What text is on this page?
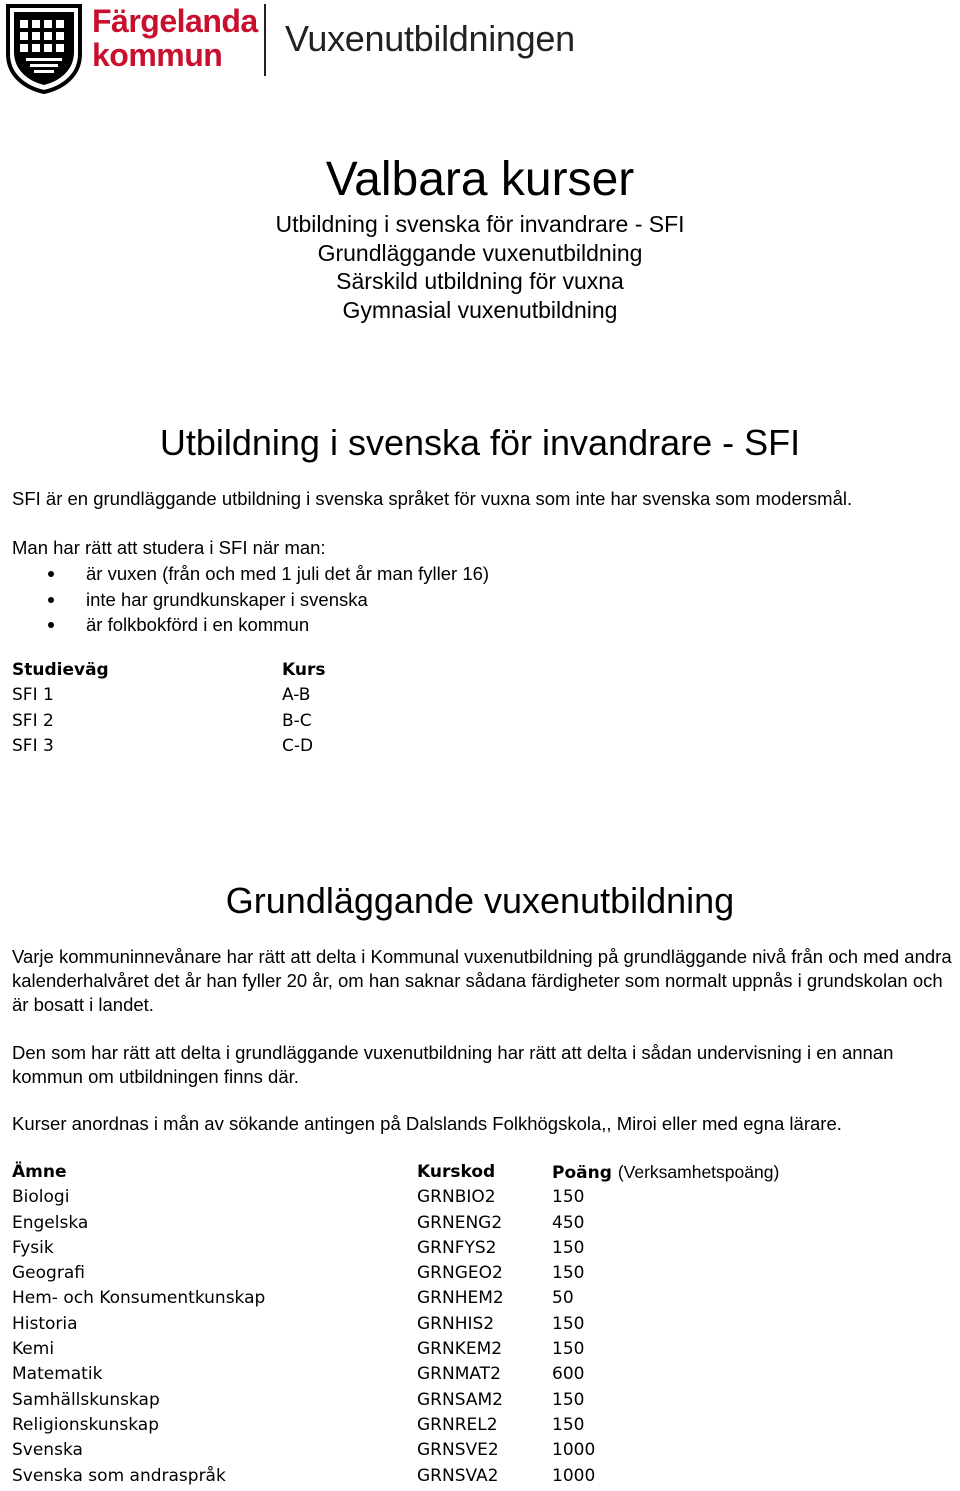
Färgelanda
kommun	Vuxenutbildningen
Valbara kurser
Utbildning i svenska för invandrare - SFI
Grundläggande vuxenutbildning
Särskild utbildning för vuxna
Gymnasial vuxenutbildning
Utbildning i svenska för invandrare - SFI
SFI är en grundläggande utbildning i svenska språket för vuxna som inte har svenska som modersmål.
Man har rätt att studera i SFI när man:
är vuxen (från och med 1 juli det år man fyller 16)
inte har grundkunskaper i svenska
är folkbokförd i en kommun
Studieväg	Kurs
SFI 1	A-B
SFI 2	B-C
SFI 3	C-D
Grundläggande vuxenutbildning
Varje kommuninnevånare har rätt att delta i Kommunal vuxenutbildning på grundläggande nivå från och med andra kalenderhalvåret det år han fyller 20 år, om han saknar sådana färdigheter som normalt uppnås i grundskolan och är bosatt i landet.
Den som har rätt att delta i grundläggande vuxenutbildning har rätt att delta i sådan undervisning i en annan kommun om utbildningen finns där.
Kurser anordnas i mån av sökande antingen på Dalslands Folkhögskola,, Miroi eller med egna lärare.
Ämne	Kurskod	Poäng (Verksamhetspoäng)
Biologi	GRNBIO2	150
Engelska	GRNENG2	450
Fysik	GRNFYS2	150
Geografi	GRNGEO2	150
Hem- och Konsumentkunskap	GRNHEM2	50
Historia	GRNHIS2	150
Kemi	GRNKEM2	150
Matematik	GRNMAT2	600
Samhällskunskap	GRNSAM2	150
Religionskunskap	GRNREL2	150
Svenska	GRNSVE2	1000
Svenska som andraspråk	GRNSVA2	1000
